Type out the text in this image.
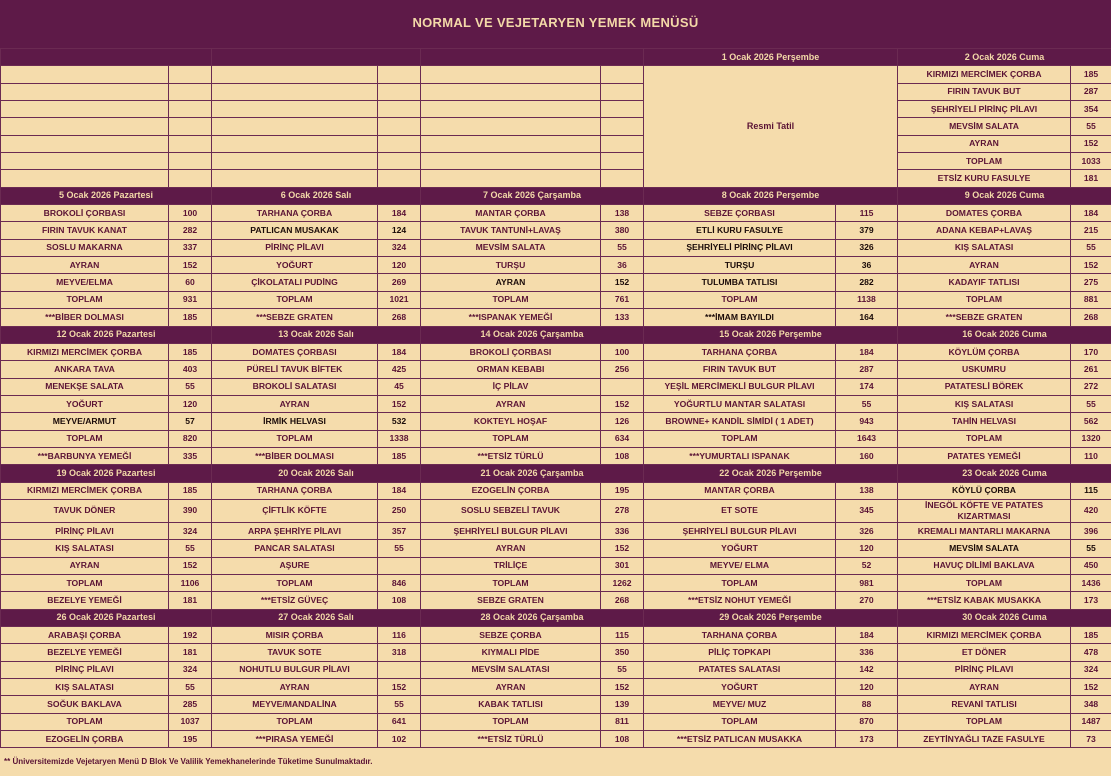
NORMAL VE VEJETARYEN YEMEK MENÜSÜ
						1 Ocak 2026 Perşembe		2 Ocak 2026 Cuma	
						Resmi Tatil		KIRMIZI MERCİMEK ÇORBA	185
								FIRIN TAVUK BUT	287
								ŞEHRİYELİ PİRİNÇ PİLAVI	354
								MEVSİM SALATA	55
								AYRAN	152
								TOPLAM	1033
								ETSİZ KURU FASULYE	181
5 Ocak 2026 Pazartesi		6 Ocak 2026 Salı		7 Ocak 2026 Çarşamba		8 Ocak 2026 Perşembe		9 Ocak 2026 Cuma	
BROKOLİ ÇORBASI	100	TARHANA ÇORBA	184	MANTAR ÇORBA	138	SEBZE ÇORBASI	115	DOMATES ÇORBA	184
FIRIN TAVUK KANAT	282	PATLICAN MUSAKAK	124	TAVUK TANTUNİ+LAVAŞ	380	ETLİ KURU FASULYE	379	ADANA KEBAP+LAVAŞ	215
SOSLU MAKARNA	337	PİRİNÇ PİLAVI	324	MEVSİM SALATA	55	ŞEHRİYELİ PİRİNÇ PİLAVI	326	KIŞ SALATASI	55
AYRAN	152	YOĞURT	120	TURŞU	36	TURŞU	36	AYRAN	152
MEYVE/ELMA	60	ÇİKOLATALI PUDİNG	269	AYRAN	152	TULUMBA TATLISI	282	KADAYIF TATLISI	275
TOPLAM	931	TOPLAM	1021	TOPLAM	761	TOPLAM	1138	TOPLAM	881
***BİBER DOLMASI	185	***SEBZE GRATEN	268	***ISPANAK YEMEĞİ	133	***İMAM BAYILDI	164	***SEBZE GRATEN	268
12 Ocak 2026 Pazartesi		13 Ocak 2026 Salı		14 Ocak 2026 Çarşamba		15 Ocak 2026 Perşembe		16 Ocak 2026 Cuma	
KIRMIZI MERCİMEK ÇORBA	185	DOMATES ÇORBASI	184	BROKOLİ ÇORBASI	100	TARHANA ÇORBA	184	KÖYLÜM ÇORBA	170
ANKARA TAVA	403	PÜRELİ TAVUK BİFTEK	425	ORMAN KEBABI	256	FIRIN TAVUK BUT	287	USKUMRU	261
MENEKŞE SALATA	55	BROKOLİ SALATASI	45	İÇ PİLAV		YEŞİL MERCİMEKLİ BULGUR PİLAVI	174	PATATESLİ BÖREK	272
YOĞURT	120	AYRAN	152	AYRAN	152	YOĞURTLU MANTAR SALATASI	55	KIŞ SALATASI	55
MEYVE/ARMUT	57	İRMİK HELVASI	532	KOKTEYL HOŞAF	126	BROWNE+ KANDİL SİMİDİ ( 1 ADET)	943	TAHİN HELVASI	562
TOPLAM	820	TOPLAM	1338	TOPLAM	634	TOPLAM	1643	TOPLAM	1320
***BARBUNYA YEMEĞİ	335	***BİBER DOLMASI	185	***ETSİZ TÜRLÜ	108	***YUMURTALI ISPANAK	160	PATATES YEMEĞİ	110
19 Ocak 2026 Pazartesi		20 Ocak 2026 Salı		21 Ocak 2026 Çarşamba		22 Ocak 2026 Perşembe		23 Ocak 2026 Cuma	
KIRMIZI MERCİMEK ÇORBA	185	TARHANA ÇORBA	184	EZOGELİN ÇORBA	195	MANTAR ÇORBA	138	KÖYLÜ ÇORBA	115
TAVUK DÖNER	390	ÇİFTLİK KÖFTE	250	SOSLU SEBZELİ TAVUK	278	ET SOTE	345	İNEGÖL KÖFTE VE PATATES KIZARTMASI	420
PİRİNÇ PİLAVI	324	ARPA ŞEHRİYE PİLAVI	357	ŞEHRİYELİ BULGUR PİLAVI	336	ŞEHRİYELİ BULGUR PİLAVI	326	KREMALI MANTARLI MAKARNA	396
KIŞ SALATASI	55	PANCAR SALATASI	55	AYRAN	152	YOĞURT	120	MEVSİM SALATA	55
AYRAN	152	AŞURE		TRİLİÇE	301	MEYVE/ ELMA	52	HAVUÇ DİLİMİ BAKLAVA	450
TOPLAM	1106	TOPLAM	846	TOPLAM	1262	TOPLAM	981	TOPLAM	1436
BEZELYE YEMEĞİ	181	***ETSİZ GÜVEÇ	108	SEBZE GRATEN	268	***ETSİZ NOHUT YEMEĞİ	270	***ETSİZ KABAK MUSAKKA	173
26 Ocak 2026 Pazartesi		27 Ocak 2026 Salı		28 Ocak 2026 Çarşamba		29 Ocak 2026 Perşembe		30 Ocak 2026 Cuma	
ARABAŞI ÇORBA	192	MISIR ÇORBA	116	SEBZE ÇORBA	115	TARHANA ÇORBA	184	KIRMIZI MERCİMEK ÇORBA	185
BEZELYE YEMEĞİ	181	TAVUK SOTE	318	KIYMALI PİDE	350	PİLİÇ TOPKAPI	336	ET DÖNER	478
PİRİNÇ PİLAVI	324	NOHUTLU BULGUR PİLAVI		MEVSİM SALATASI	55	PATATES SALATASI	142	PİRİNÇ PİLAVI	324
KIŞ SALATASI	55	AYRAN	152	AYRAN	152	YOĞURT	120	AYRAN	152
SOĞUK BAKLAVA	285	MEYVE/MANDALİNA	55	KABAK TATLISI	139	MEYVE/ MUZ	88	REVANİ TATLISI	348
TOPLAM	1037	TOPLAM	641	TOPLAM	811	TOPLAM	870	TOPLAM	1487
EZOGELİN ÇORBA	195	***PIRASA YEMEĞİ	102	***ETSİZ TÜRLÜ	108	***ETSİZ PATLICAN MUSAKKA	173	ZEYTİNYAĞLI TAZE FASULYE	73
** Üniversitemizde Vejetaryen Menü D Blok Ve Valilik Yemekhanelerinde Tüketime Sunulmaktadır.
